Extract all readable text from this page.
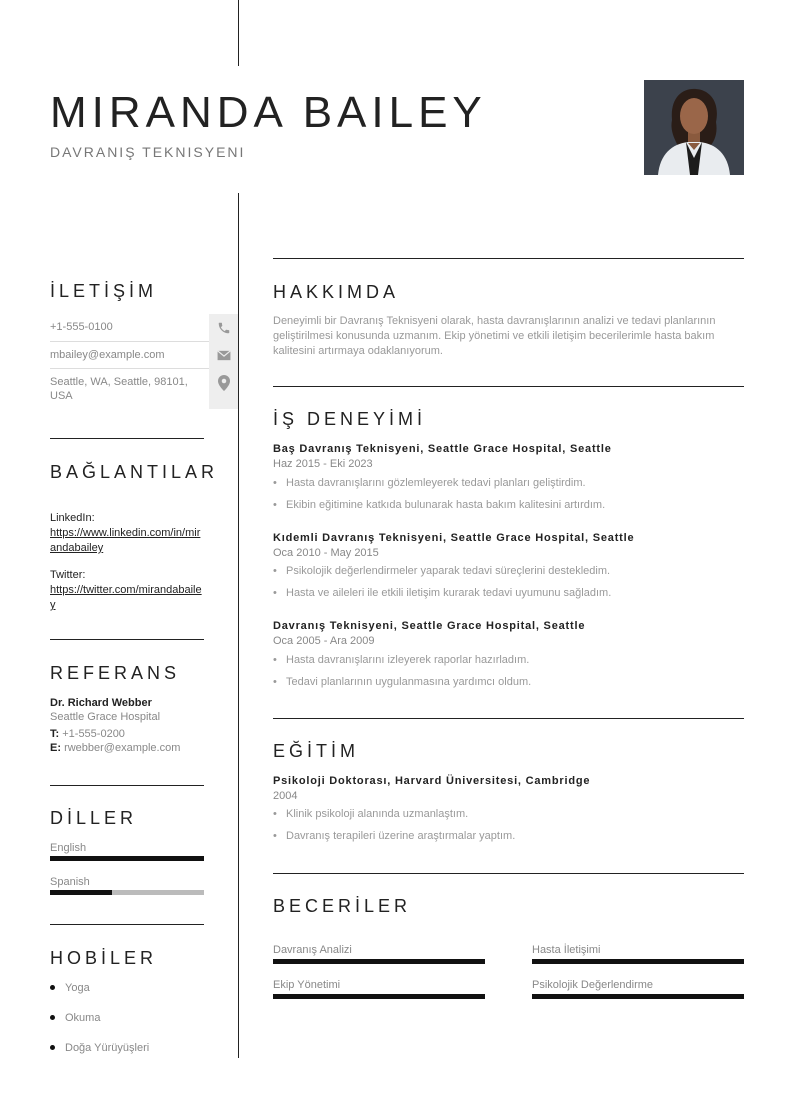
MIRANDA BAILEY
DAVRANIŞ TEKNISYENI
İLETİŞİM
+1-555-0100
mbailey@example.com
Seattle, WA, Seattle, 98101, USA
BAĞLANTILAR
LinkedIn:
https://www.linkedin.com/in/mirandabailey
Twitter:
https://twitter.com/mirandabailey
REFERANS
Dr. Richard Webber
Seattle Grace Hospital
T: +1-555-0200
E: rwebber@example.com
DİLLER
English
Spanish
HOBİLER
Yoga
Okuma
Doğa Yürüyüşleri
HAKKIMDA

Deneyimli bir Davranış Teknisyeni olarak, hasta davranışlarının analizi ve tedavi planlarının geliştirilmesi konusunda uzmanım. Ekip yönetimi ve etkili iletişim becerilerimle hasta bakım kalitesini artırmaya odaklanıyorum.

İŞ DENEYİMİ
Baş Davranış Teknisyeni, Seattle Grace Hospital, Seattle
Haz 2015 - Eki 2023
• Hasta davranışlarını gözlemleyerek tedavi planları geliştirdim.
• Ekibin eğitimine katkıda bulunarak hasta bakım kalitesini artırdım.
Kıdemli Davranış Teknisyeni, Seattle Grace Hospital, Seattle
Oca 2010 - May 2015
• Psikolojik değerlendirmeler yaparak tedavi süreçlerini destekledim.
• Hasta ve aileleri ile etkili iletişim kurarak tedavi uyumunu sağladım.
Davranış Teknisyeni, Seattle Grace Hospital, Seattle
Oca 2005 - Ara 2009
• Hasta davranışlarını izleyerek raporlar hazırladım.
• Tedavi planlarının uygulanmasına yardımcı oldum.
EĞİTİM
Psikoloji Doktorası, Harvard Üniversitesi, Cambridge
2004
• Klinik psikoloji alanında uzmanlaştım.
• Davranış terapileri üzerine araştırmalar yaptım.
BECERİLER
Davranış Analizi	Hasta İletişimi
Ekip Yönetimi	Psikolojik Değerlendirme
